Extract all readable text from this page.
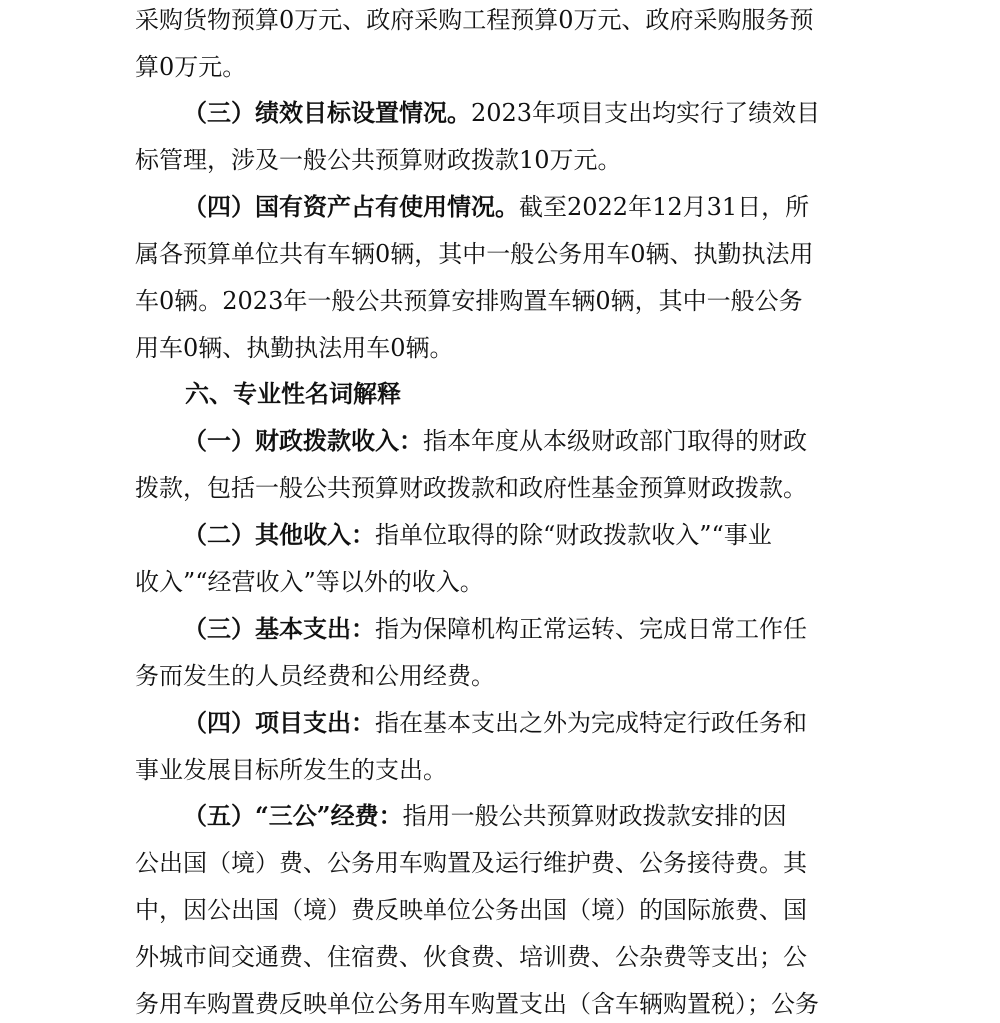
采购货物预算0万元、政府采购工程预算0万元、政府采购服务预
算0万元。
（三）绩效目标设置情况。2023年项目支出均实行了绩效目
标管理，涉及一般公共预算财政拨款10万元。
（四）国有资产占有使用情况。截至2022年12月31日，所
属各预算单位共有车辆0辆，其中一般公务用车0辆、执勤执法用
车0辆。2023年一般公共预算安排购置车辆0辆，其中一般公务
用车0辆、执勤执法用车0辆。
六、专业性名词解释
（一）财政拨款收入：指本年度从本级财政部门取得的财政
拨款，包括一般公共预算财政拨款和政府性基金预算财政拨款。
（二）其他收入：指单位取得的除“财政拨款收入”“事业
收入”“经营收入”等以外的收入。
（三）基本支出：指为保障机构正常运转、完成日常工作任
务而发生的人员经费和公用经费。
（四）项目支出：指在基本支出之外为完成特定行政任务和
事业发展目标所发生的支出。
（五）“三公”经费：指用一般公共预算财政拨款安排的因
公出国（境）费、公务用车购置及运行维护费、公务接待费。其
中，因公出国（境）费反映单位公务出国（境）的国际旅费、国
外城市间交通费、住宿费、伙食费、培训费、公杂费等支出；公
务用车购置费反映单位公务用车购置支出（含车辆购置税）；公务
